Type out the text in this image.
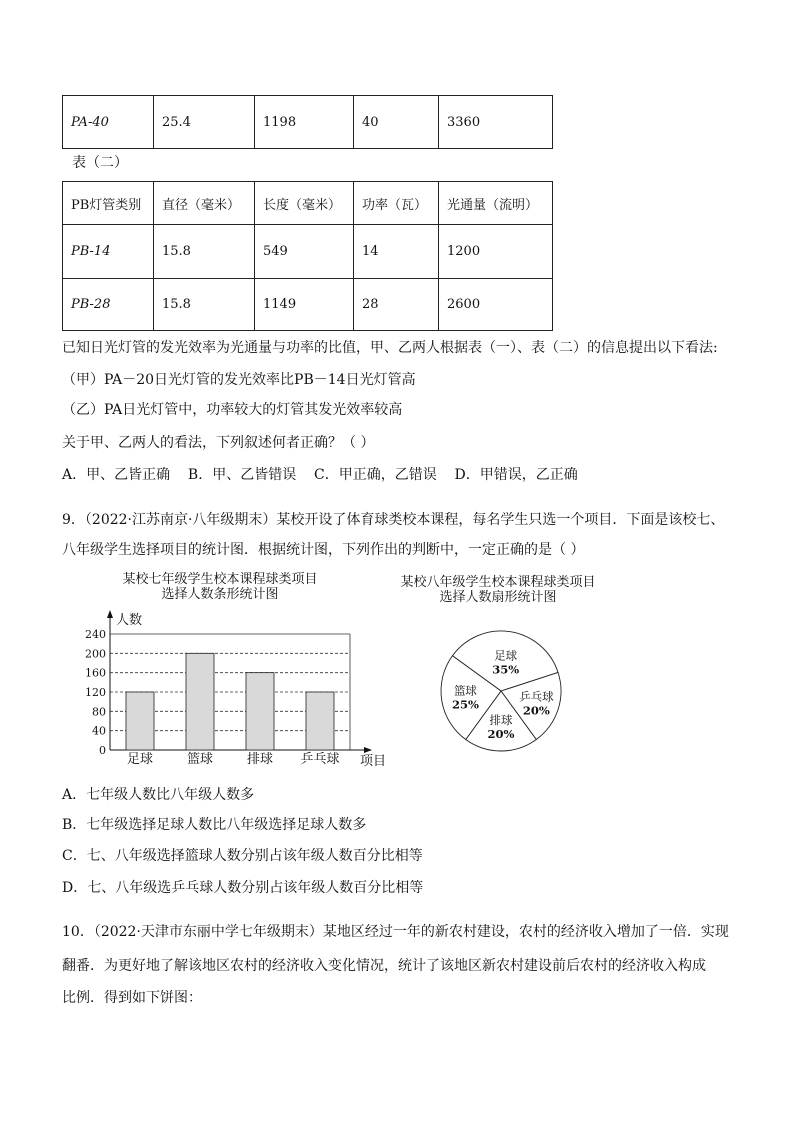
PA-40	25.4	1198	40	3360
表（二）
PB灯管类别	直径（毫米）	长度（毫米）	功率（瓦）	光通量（流明）
PB-14	15.8	549	14	1200
PB-28	15.8	1149	28	2600
已知日光灯管的发光效率为光通量与功率的比值，甲、乙两人根据表（一）、表（二）的信息提出以下看法:
（甲）PA－20日光灯管的发光效率比PB－14日光灯管高
（乙）PA日光灯管中，功率较大的灯管其发光效率较高
关于甲、乙两人的看法，下列叙述何者正确？（ ）
A．甲、乙皆正确    B．甲、乙皆错误    C．甲正确，乙错误    D．甲错误，乙正确
9．（2022·江苏南京·八年级期末）某校开设了体育球类校本课程，每名学生只选一个项目．下面是该校七、
八年级学生选择项目的统计图．根据统计图，下列作出的判断中，一定正确的是（ ）
某校七年级学生校本课程球类项目
选择人数条形统计图
某校八年级学生校本课程球类项目
选择人数扇形统计图
0
40
80
120
160
200
240
人数
项目
足球	篮球	排球 乒乓球
足球
35%
乒乓球
20%
排球
20%
篮球
25%
A．七年级人数比八年级人数多
B．七年级选择足球人数比八年级选择足球人数多
C．七、八年级选择篮球人数分别占该年级人数百分比相等
D．七、八年级选乒乓球人数分别占该年级人数百分比相等
10．（2022·天津市东丽中学七年级期末）某地区经过一年的新农村建设，农村的经济收入增加了一倍．实现
翻番．为更好地了解该地区农村的经济收入变化情况，统计了该地区新农村建设前后农村的经济收入构成
比例．得到如下饼图：
